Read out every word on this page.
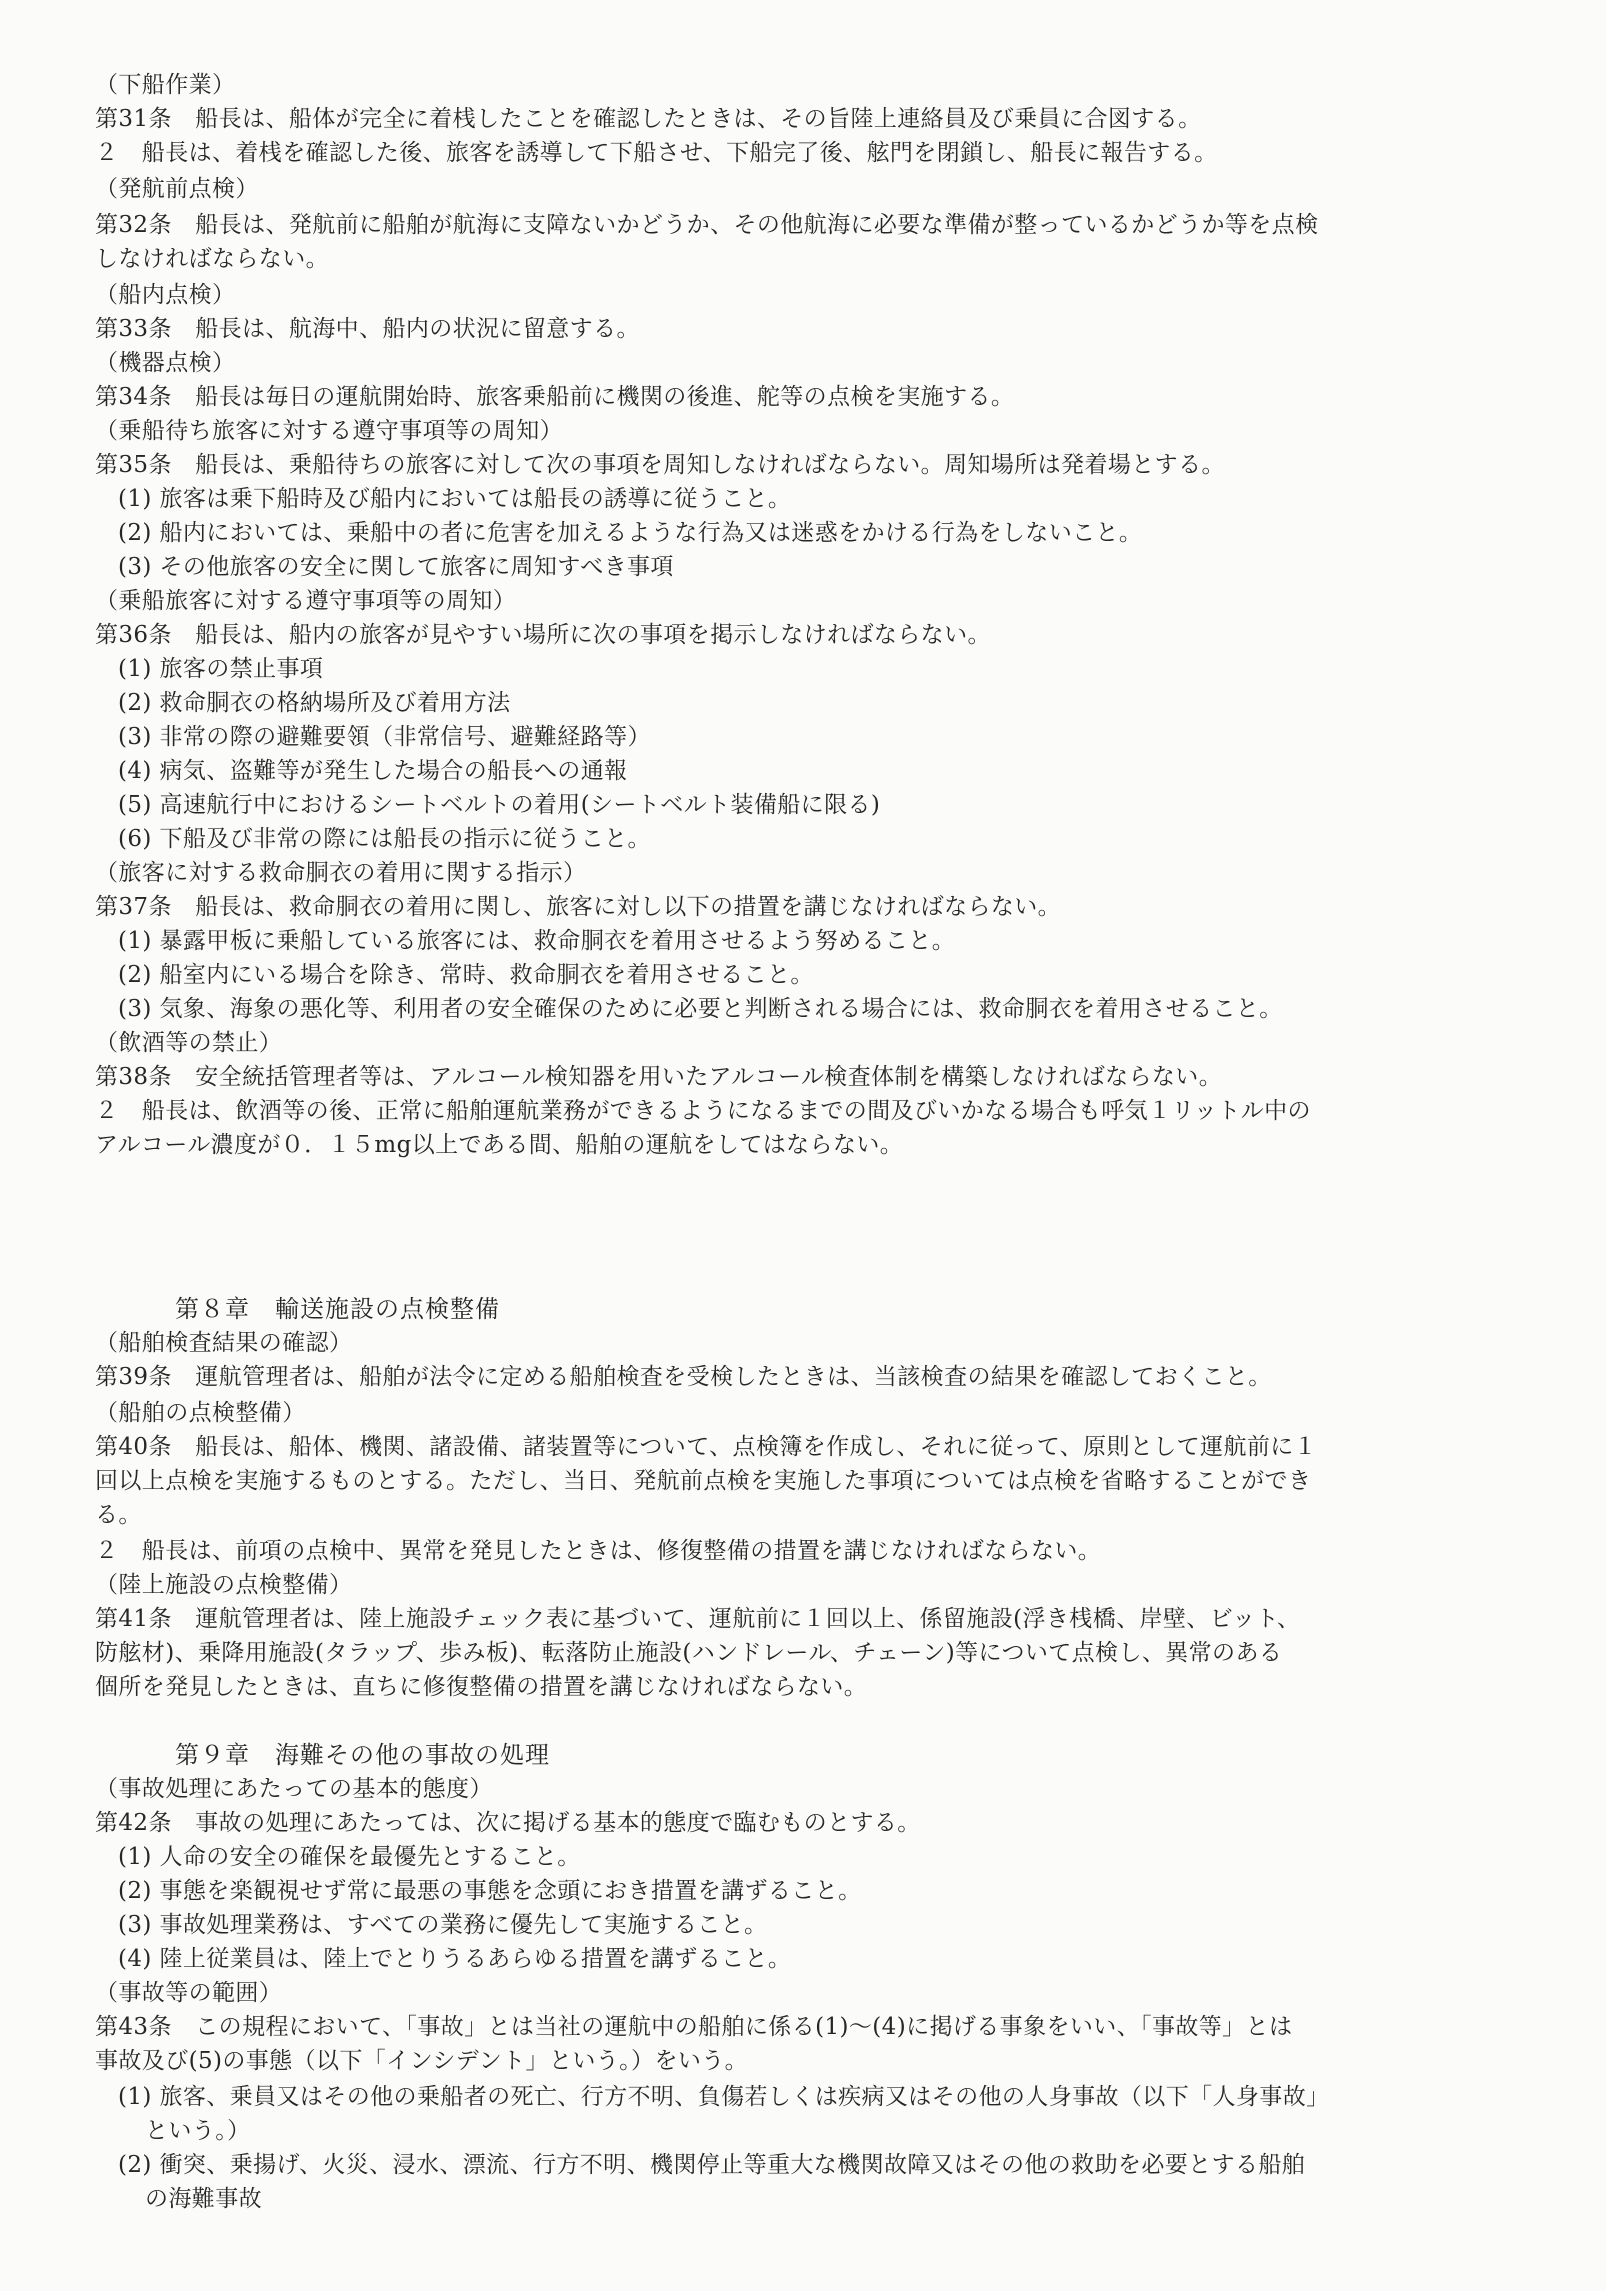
（下船作業）
第31条　船長は、船体が完全に着桟したことを確認したときは、その旨陸上連絡員及び乗員に合図する。
２　船長は、着桟を確認した後、旅客を誘導して下船させ、下船完了後、舷門を閉鎖し、船長に報告する。
（発航前点検）
第32条　船長は、発航前に船舶が航海に支障ないかどうか、その他航海に必要な準備が整っているかどうか等を点検
しなければならない。
（船内点検）
第33条　船長は、航海中、船内の状況に留意する。
（機器点検）
第34条　船長は毎日の運航開始時、旅客乗船前に機関の後進、舵等の点検を実施する。
（乗船待ち旅客に対する遵守事項等の周知）
第35条　船長は、乗船待ちの旅客に対して次の事項を周知しなければならない。周知場所は発着場とする。
(1) 旅客は乗下船時及び船内においては船長の誘導に従うこと。
(2) 船内においては、乗船中の者に危害を加えるような行為又は迷惑をかける行為をしないこと。
(3) その他旅客の安全に関して旅客に周知すべき事項
（乗船旅客に対する遵守事項等の周知）
第36条　船長は、船内の旅客が見やすい場所に次の事項を掲示しなければならない。
(1) 旅客の禁止事項
(2) 救命胴衣の格納場所及び着用方法
(3) 非常の際の避難要領（非常信号、避難経路等）
(4) 病気、盗難等が発生した場合の船長への通報
(5) 高速航行中におけるシートベルトの着用(シートベルト装備船に限る)
(6) 下船及び非常の際には船長の指示に従うこと。
（旅客に対する救命胴衣の着用に関する指示）
第37条　船長は、救命胴衣の着用に関し、旅客に対し以下の措置を講じなければならない。
(1) 暴露甲板に乗船している旅客には、救命胴衣を着用させるよう努めること。
(2) 船室内にいる場合を除き、常時、救命胴衣を着用させること。
(3) 気象、海象の悪化等、利用者の安全確保のために必要と判断される場合には、救命胴衣を着用させること。
（飲酒等の禁止）
第38条　安全統括管理者等は、アルコール検知器を用いたアルコール検査体制を構築しなければならない。
２　船長は、飲酒等の後、正常に船舶運航業務ができるようになるまでの間及びいかなる場合も呼気１リットル中の
アルコール濃度が０．１５mg以上である間、船舶の運航をしてはならない。
第８章　輸送施設の点検整備
（船舶検査結果の確認）
第39条　運航管理者は、船舶が法令に定める船舶検査を受検したときは、当該検査の結果を確認しておくこと。
（船舶の点検整備）
第40条　船長は、船体、機関、諸設備、諸装置等について、点検簿を作成し、それに従って、原則として運航前に１
回以上点検を実施するものとする。ただし、当日、発航前点検を実施した事項については点検を省略することができ
る。
２　船長は、前項の点検中、異常を発見したときは、修復整備の措置を講じなければならない。
（陸上施設の点検整備）
第41条　運航管理者は、陸上施設チェック表に基づいて、運航前に１回以上、係留施設(浮き桟橋、岸壁、ビット、
防舷材)、乗降用施設(タラップ、歩み板)、転落防止施設(ハンドレール、チェーン)等について点検し、異常のある
個所を発見したときは、直ちに修復整備の措置を講じなければならない。
第９章　海難その他の事故の処理
（事故処理にあたっての基本的態度）
第42条　事故の処理にあたっては、次に掲げる基本的態度で臨むものとする。
(1) 人命の安全の確保を最優先とすること。
(2) 事態を楽観視せず常に最悪の事態を念頭におき措置を講ずること。
(3) 事故処理業務は、すべての業務に優先して実施すること。
(4) 陸上従業員は、陸上でとりうるあらゆる措置を講ずること。
（事故等の範囲）
第43条　この規程において、「事故」とは当社の運航中の船舶に係る(1)～(4)に掲げる事象をいい、「事故等」とは
事故及び(5)の事態（以下「インシデント」という。）をいう。
(1) 旅客、乗員又はその他の乗船者の死亡、行方不明、負傷若しくは疾病又はその他の人身事故（以下「人身事故」
という。）
(2) 衝突、乗揚げ、火災、浸水、漂流、行方不明、機関停止等重大な機関故障又はその他の救助を必要とする船舶
の海難事故
